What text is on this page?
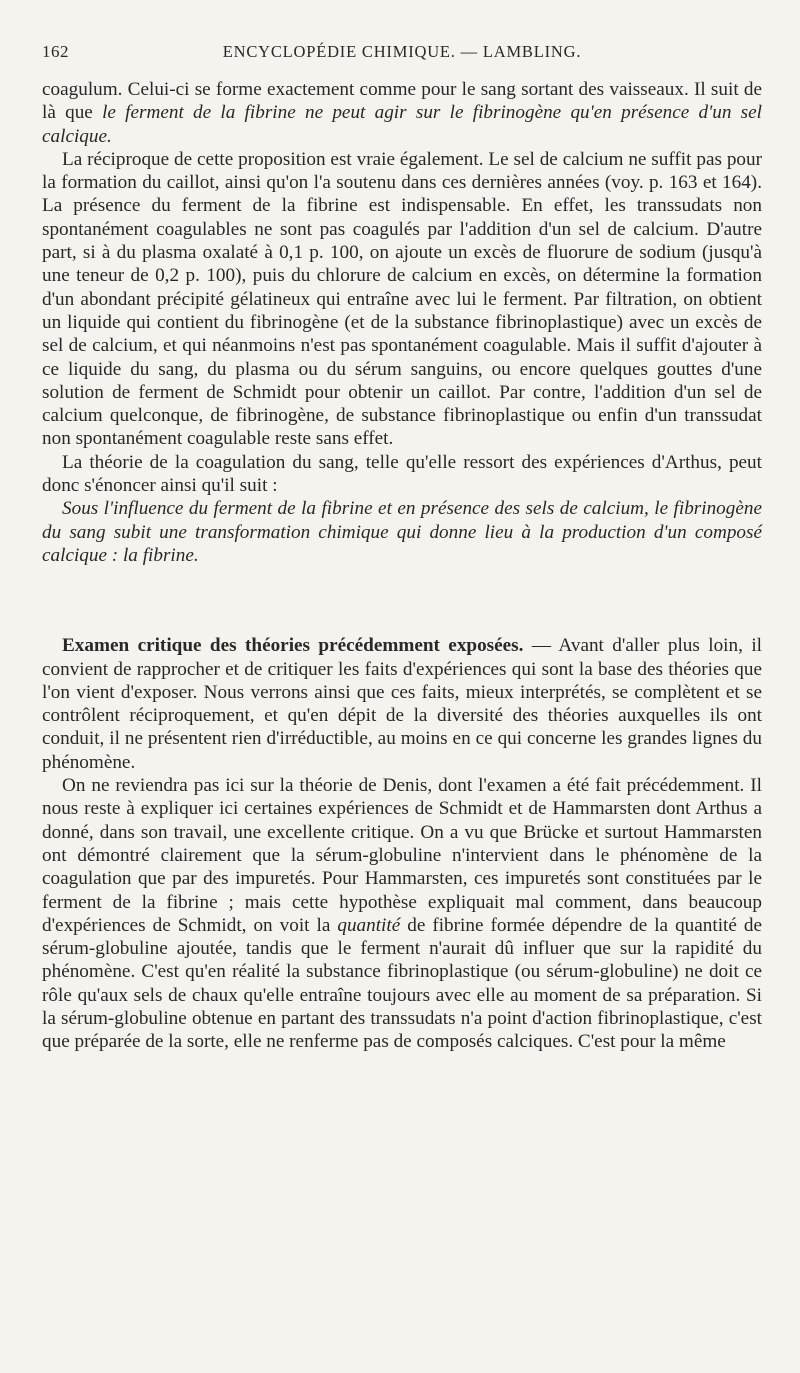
162	ENCYCLOPÉDIE CHIMIQUE. — LAMBLING.

coagulum. Celui-ci se forme exactement comme pour le sang sortant des vaisseaux. Il suit de là que le ferment de la fibrine ne peut agir sur le fibrinogène qu'en présence d'un sel calcique.

La réciproque de cette proposition est vraie également. Le sel de calcium ne suffit pas pour la formation du caillot, ainsi qu'on l'a soutenu dans ces dernières années (voy. p. 163 et 164). La présence du ferment de la fibrine est indispensable. En effet, les transsudats non spontanément coagulables ne sont pas coagulés par l'addition d'un sel de calcium. D'autre part, si à du plasma oxalaté à 0,1 p. 100, on ajoute un excès de fluorure de sodium (jusqu'à une teneur de 0,2 p. 100), puis du chlorure de calcium en excès, on détermine la formation d'un abondant précipité gélatineux qui entraîne avec lui le ferment. Par filtration, on obtient un liquide qui contient du fibrinogène (et de la substance fibrinoplastique) avec un excès de sel de calcium, et qui néanmoins n'est pas spontanément coagulable. Mais il suffit d'ajouter à ce liquide du sang, du plasma ou du sérum sanguins, ou encore quelques gouttes d'une solution de ferment de Schmidt pour obtenir un caillot. Par contre, l'addition d'un sel de calcium quelconque, de fibrinogène, de substance fibrinoplastique ou enfin d'un transsudat non spontanément coagulable reste sans effet.

La théorie de la coagulation du sang, telle qu'elle ressort des expériences d'Arthus, peut donc s'énoncer ainsi qu'il suit :

Sous l'influence du ferment de la fibrine et en présence des sels de calcium, le fibrinogène du sang subit une transformation chimique qui donne lieu à la production d'un composé calcique : la fibrine.

Examen critique des théories précédemment exposées. — Avant d'aller plus loin, il convient de rapprocher et de critiquer les faits d'expériences qui sont la base des théories que l'on vient d'exposer. Nous verrons ainsi que ces faits, mieux interprétés, se complètent et se contrôlent réciproquement, et qu'en dépit de la diversité des théories auxquelles ils ont conduit, il ne présentent rien d'irréductible, au moins en ce qui concerne les grandes lignes du phénomène.

On ne reviendra pas ici sur la théorie de Denis, dont l'examen a été fait précédemment. Il nous reste à expliquer ici certaines expériences de Schmidt et de Hammarsten dont Arthus a donné, dans son travail, une excellente critique. On a vu que Brücke et surtout Hammarsten ont démontré clairement que la sérum-globuline n'intervient dans le phénomène de la coagulation que par des impuretés. Pour Hammarsten, ces impuretés sont constituées par le ferment de la fibrine ; mais cette hypothèse expliquait mal comment, dans beaucoup d'expériences de Schmidt, on voit la quantité de fibrine formée dépendre de la quantité de sérum-globuline ajoutée, tandis que le ferment n'aurait dû influer que sur la rapidité du phénomène. C'est qu'en réalité la substance fibrinoplastique (ou sérum-globuline) ne doit ce rôle qu'aux sels de chaux qu'elle entraîne toujours avec elle au moment de sa préparation. Si la sérum-globuline obtenue en partant des transsudats n'a point d'action fibrinoplastique, c'est que préparée de la sorte, elle ne renferme pas de composés calciques. C'est pour la même
